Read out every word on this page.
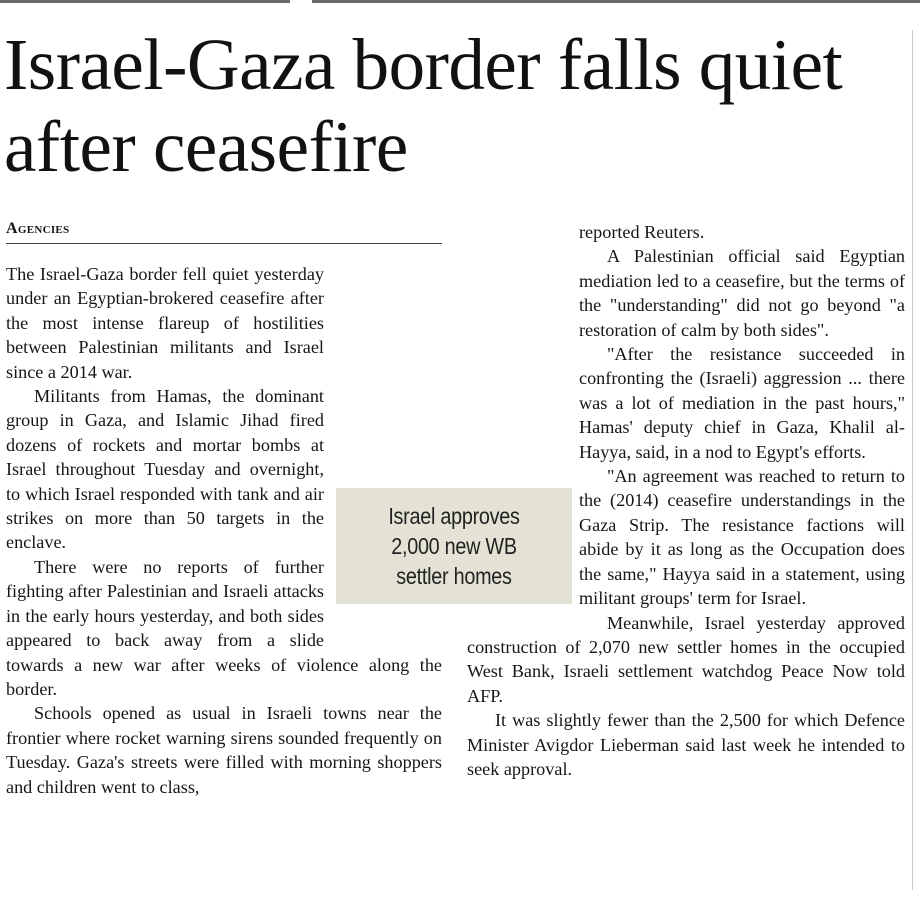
Israel-Gaza border falls quiet after ceasefire
Agencies

The Israel-Gaza border fell quiet yesterday under an Egyptian-brokered ceasefire after the most intense flareup of hostilities between Palestinian militants and Israel since a 2014 war.

Militants from Hamas, the dominant group in Gaza, and Islamic Jihad fired dozens of rockets and mortar bombs at Israel throughout Tuesday and overnight, to which Israel responded with tank and air strikes on more than 50 targets in the enclave.

There were no reports of further fighting after Palestinian and Israeli attacks in the early hours yesterday, and both sides appeared to back away from a slide towards a new war after weeks of violence along the border.

Schools opened as usual in Israeli towns near the frontier where rocket warning sirens sounded frequently on Tuesday. Gaza's streets were filled with morning shoppers and children went to class,

reported Reuters.

A Palestinian official said Egyptian mediation led to a ceasefire, but the terms of the "understanding" did not go beyond "a restoration of calm by both sides".

"After the resistance succeeded in confronting the (Israeli) aggression ... there was a lot of mediation in the past hours," Hamas' deputy chief in Gaza, Khalil al-Hayya, said, in a nod to Egypt's efforts.

"An agreement was reached to return to the (2014) ceasefire understandings in the Gaza Strip. The resistance factions will abide by it as long as the Occupation does the same," Hayya said in a statement, using militant groups' term for Israel.

Meanwhile, Israel yesterday approved construction of 2,070 new settler homes in the occupied West Bank, Israeli settlement watchdog Peace Now told AFP.

It was slightly fewer than the 2,500 for which Defence Minister Avigdor Lieberman said last week he intended to seek approval.

Israel approves 2,000 new WB settler homes
